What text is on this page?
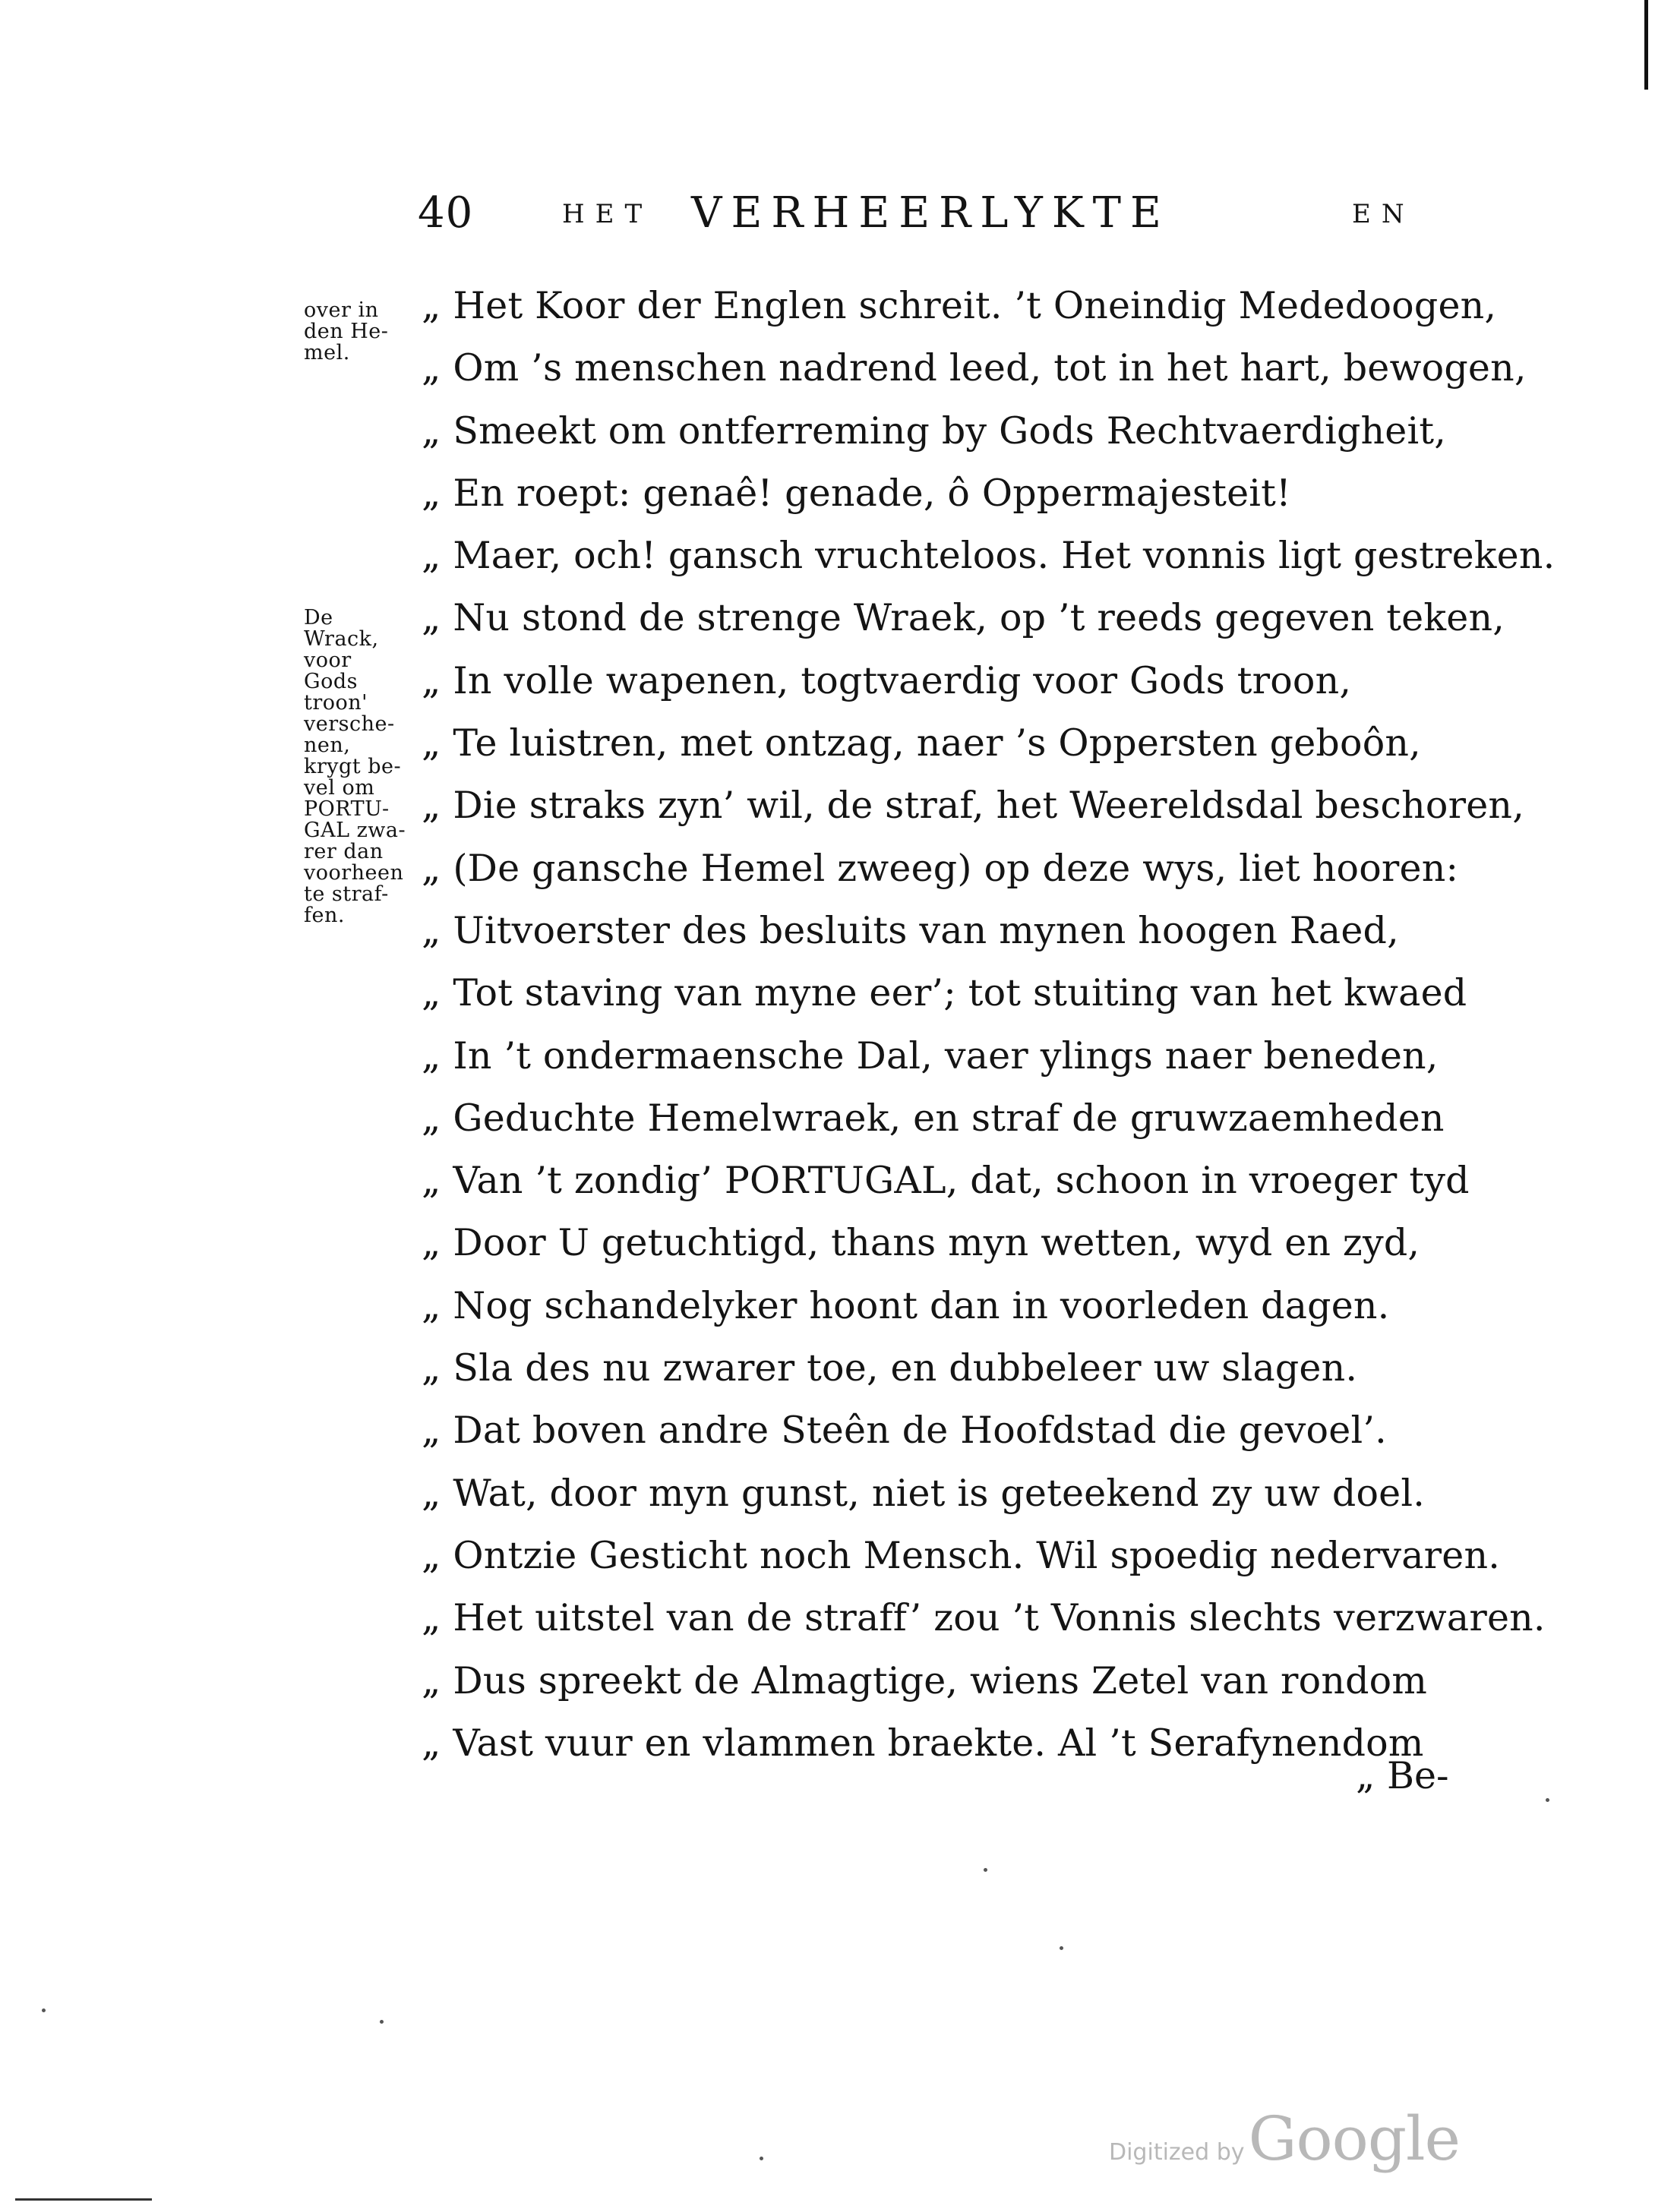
40	HET VERHEERLYKTE	EN
over in
den He-
mel.
De
Wrack,
voor
Gods
troon'
versche-
nen,
krygt be-
vel om
PORTU-
GAL zwa-
rer dan
voorheen
te straf-
fen.
„ Het Koor der Englen schreit. ’t Oneindig Mededoogen,
„ Om ’s menschen nadrend leed, tot in het hart, bewogen,
„ Smeekt om ontferreming by Gods Rechtvaerdigheit,
„ En roept: genaê! genade, ô Oppermajesteit!
„ Maer, och! gansch vruchteloos. Het vonnis ligt gestreken.
„ Nu stond de strenge Wraek, op ’t reeds gegeven teken,
„ In volle wapenen, togtvaerdig voor Gods troon,
„ Te luistren, met ontzag, naer ’s Oppersten geboôn,
„ Die straks zyn’ wil, de straf, het Weereldsdal beschoren,
„ (De gansche Hemel zweeg) op deze wys, liet hooren:
„ Uitvoerster des besluits van mynen hoogen Raed,
„ Tot staving van myne eer’; tot stuiting van het kwaed
„ In ’t ondermaensche Dal, vaer ylings naer beneden,
„ Geduchte Hemelwraek, en straf de gruwzaemheden
„ Van ’t zondig’ PORTUGAL, dat, schoon in vroeger tyd
„ Door U getuchtigd, thans myn wetten, wyd en zyd,
„ Nog schandelyker hoont dan in voorleden dagen.
„ Sla des nu zwarer toe, en dubbeleer uw slagen.
„ Dat boven andre Steên de Hoofdstad die gevoel’.
„ Wat, door myn gunst, niet is geteekend zy uw doel.
„ Ontzie Gesticht noch Mensch. Wil spoedig nedervaren.
„ Het uitstel van de straff’ zou ’t Vonnis slechts verzwaren.
„ Dus spreekt de Almagtige, wiens Zetel van rondom
„ Vast vuur en vlammen braekte. Al ’t Serafynendom
„ Be-
Digitized by Google
